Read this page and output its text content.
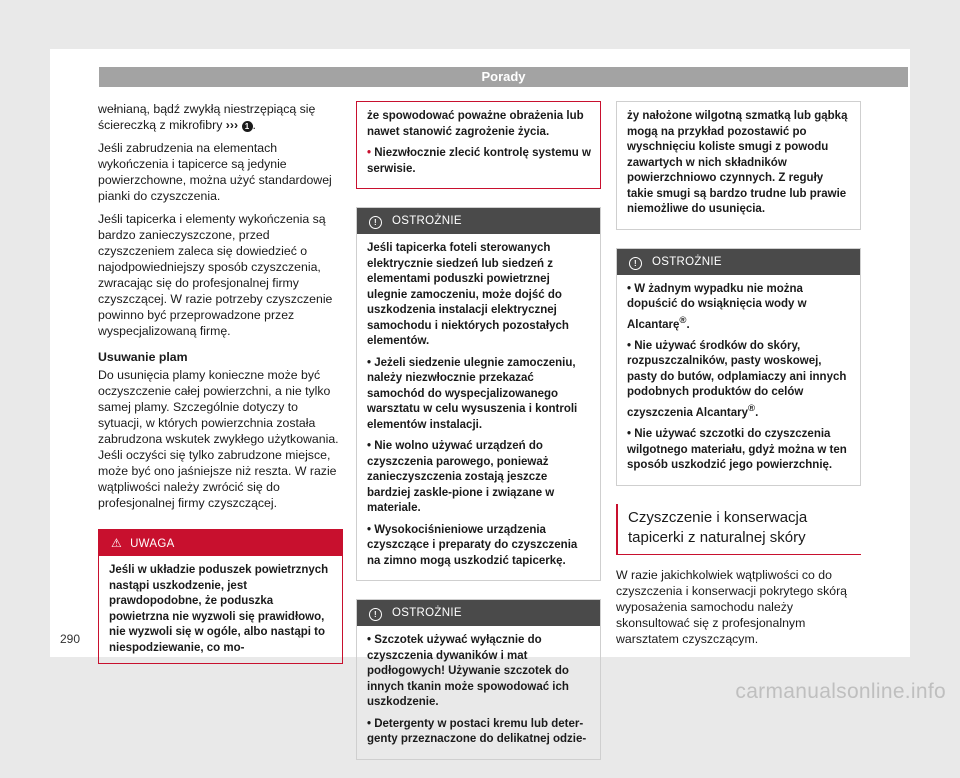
Porady

wełnianą, bądź zwykłą niestrzępiącą się ściereczką z mikrofibry ››› 1 .

Jeśli zabrudzenia na elementach wykończenia i tapicerce są jedynie powierzchowne, można użyć standardowej pianki do czyszczenia.

Jeśli tapicerka i elementy wykończenia są bardzo zanieczyszczone, przed czyszczeniem zaleca się dowiedzieć o najodpowiedniejszy sposób czyszczenia, zwracając się do profesjonalnej firmy czyszczącej. W razie potrzeby czyszczenie powinno być przeprowadzone przez wyspecjalizowaną firmę.

Usuwanie plam

Do usunięcia plamy konieczne może być oczyszczenie całej powierzchni, a nie tylko samej plamy. Szczególnie dotyczy to sytuacji, w których powierzchnia została zabrudzona wskutek zwykłego użytkowania. Jeśli oczyści się tylko zabrudzone miejsce, może być ono jaśniejsze niż reszta. W razie wątpliwości należy zwrócić się do profesjonalnej firmy czyszczącej.

⚠ UWAGA

Jeśli w układzie poduszek powietrznych nastąpi uszkodzenie, jest prawdopodobne, że poduszka powietrzna nie wyzwoli się prawidłowo, nie wyzwoli się w ogóle, albo nastąpi to niespodziewanie, co mo-

że spowodować poważne obrażenia lub nawet stanowić zagrożenie życia.

• Niezwłocznie zlecić kontrolę systemu w serwisie.

! OSTROŻNIE

Jeśli tapicerka foteli sterowanych elektrycznie siedzeń lub siedzeń z elementami poduszki powietrznej ulegnie zamoczeniu, może dojść do uszkodzenia instalacji elektrycznej samochodu i niektórych pozostałych elementów.

• Jeżeli siedzenie ulegnie zamoczeniu, należy niezwłocznie przekazać samochód do wyspecjalizowanego warsztatu w celu wysuszenia i kontroli elementów instalacji.

• Nie wolno używać urządzeń do czyszczenia parowego, ponieważ zanieczyszczenia zostają jeszcze bardziej zaskle-pione i związane w materiale.

• Wysokociśnieniowe urządzenia czyszczące i preparaty do czyszczenia na zimno mogą uszkodzić tapicerkę.

! OSTROŻNIE

• Szczotek używać wyłącznie do czyszczenia dywaników i mat podłogowych! Używanie szczotek do innych tkanin może spowodować ich uszkodzenie.

• Detergenty w postaci kremu lub deter-genty przeznaczone do delikatnej odzie-

ży nałożone wilgotną szmatką lub gąbką mogą na przykład pozostawić po wyschnięciu koliste smugi z powodu zawartych w nich składników powierzchniowo czynnych. Z reguły takie smugi są bardzo trudne lub prawie niemożliwe do usunięcia.

! OSTROŻNIE

• W żadnym wypadku nie można dopuścić do wsiąknięcia wody w Alcantarę®.

• Nie używać środków do skóry, rozpuszczalników, pasty woskowej, pasty do butów, odplamiaczy ani innych podobnych produktów do celów czyszczenia Alcantary®.

• Nie używać szczotki do czyszczenia wilgotnego materiału, gdyż można w ten sposób uszkodzić jego powierzchnię.

Czyszczenie i konserwacja tapicerki z naturalnej skóry

W razie jakichkolwiek wątpliwości co do czyszczenia i konserwacji pokrytego skórą wyposażenia samochodu należy skonsultować się z profesjonalnym warsztatem czyszczącym.

290
carmanualsonline.info
